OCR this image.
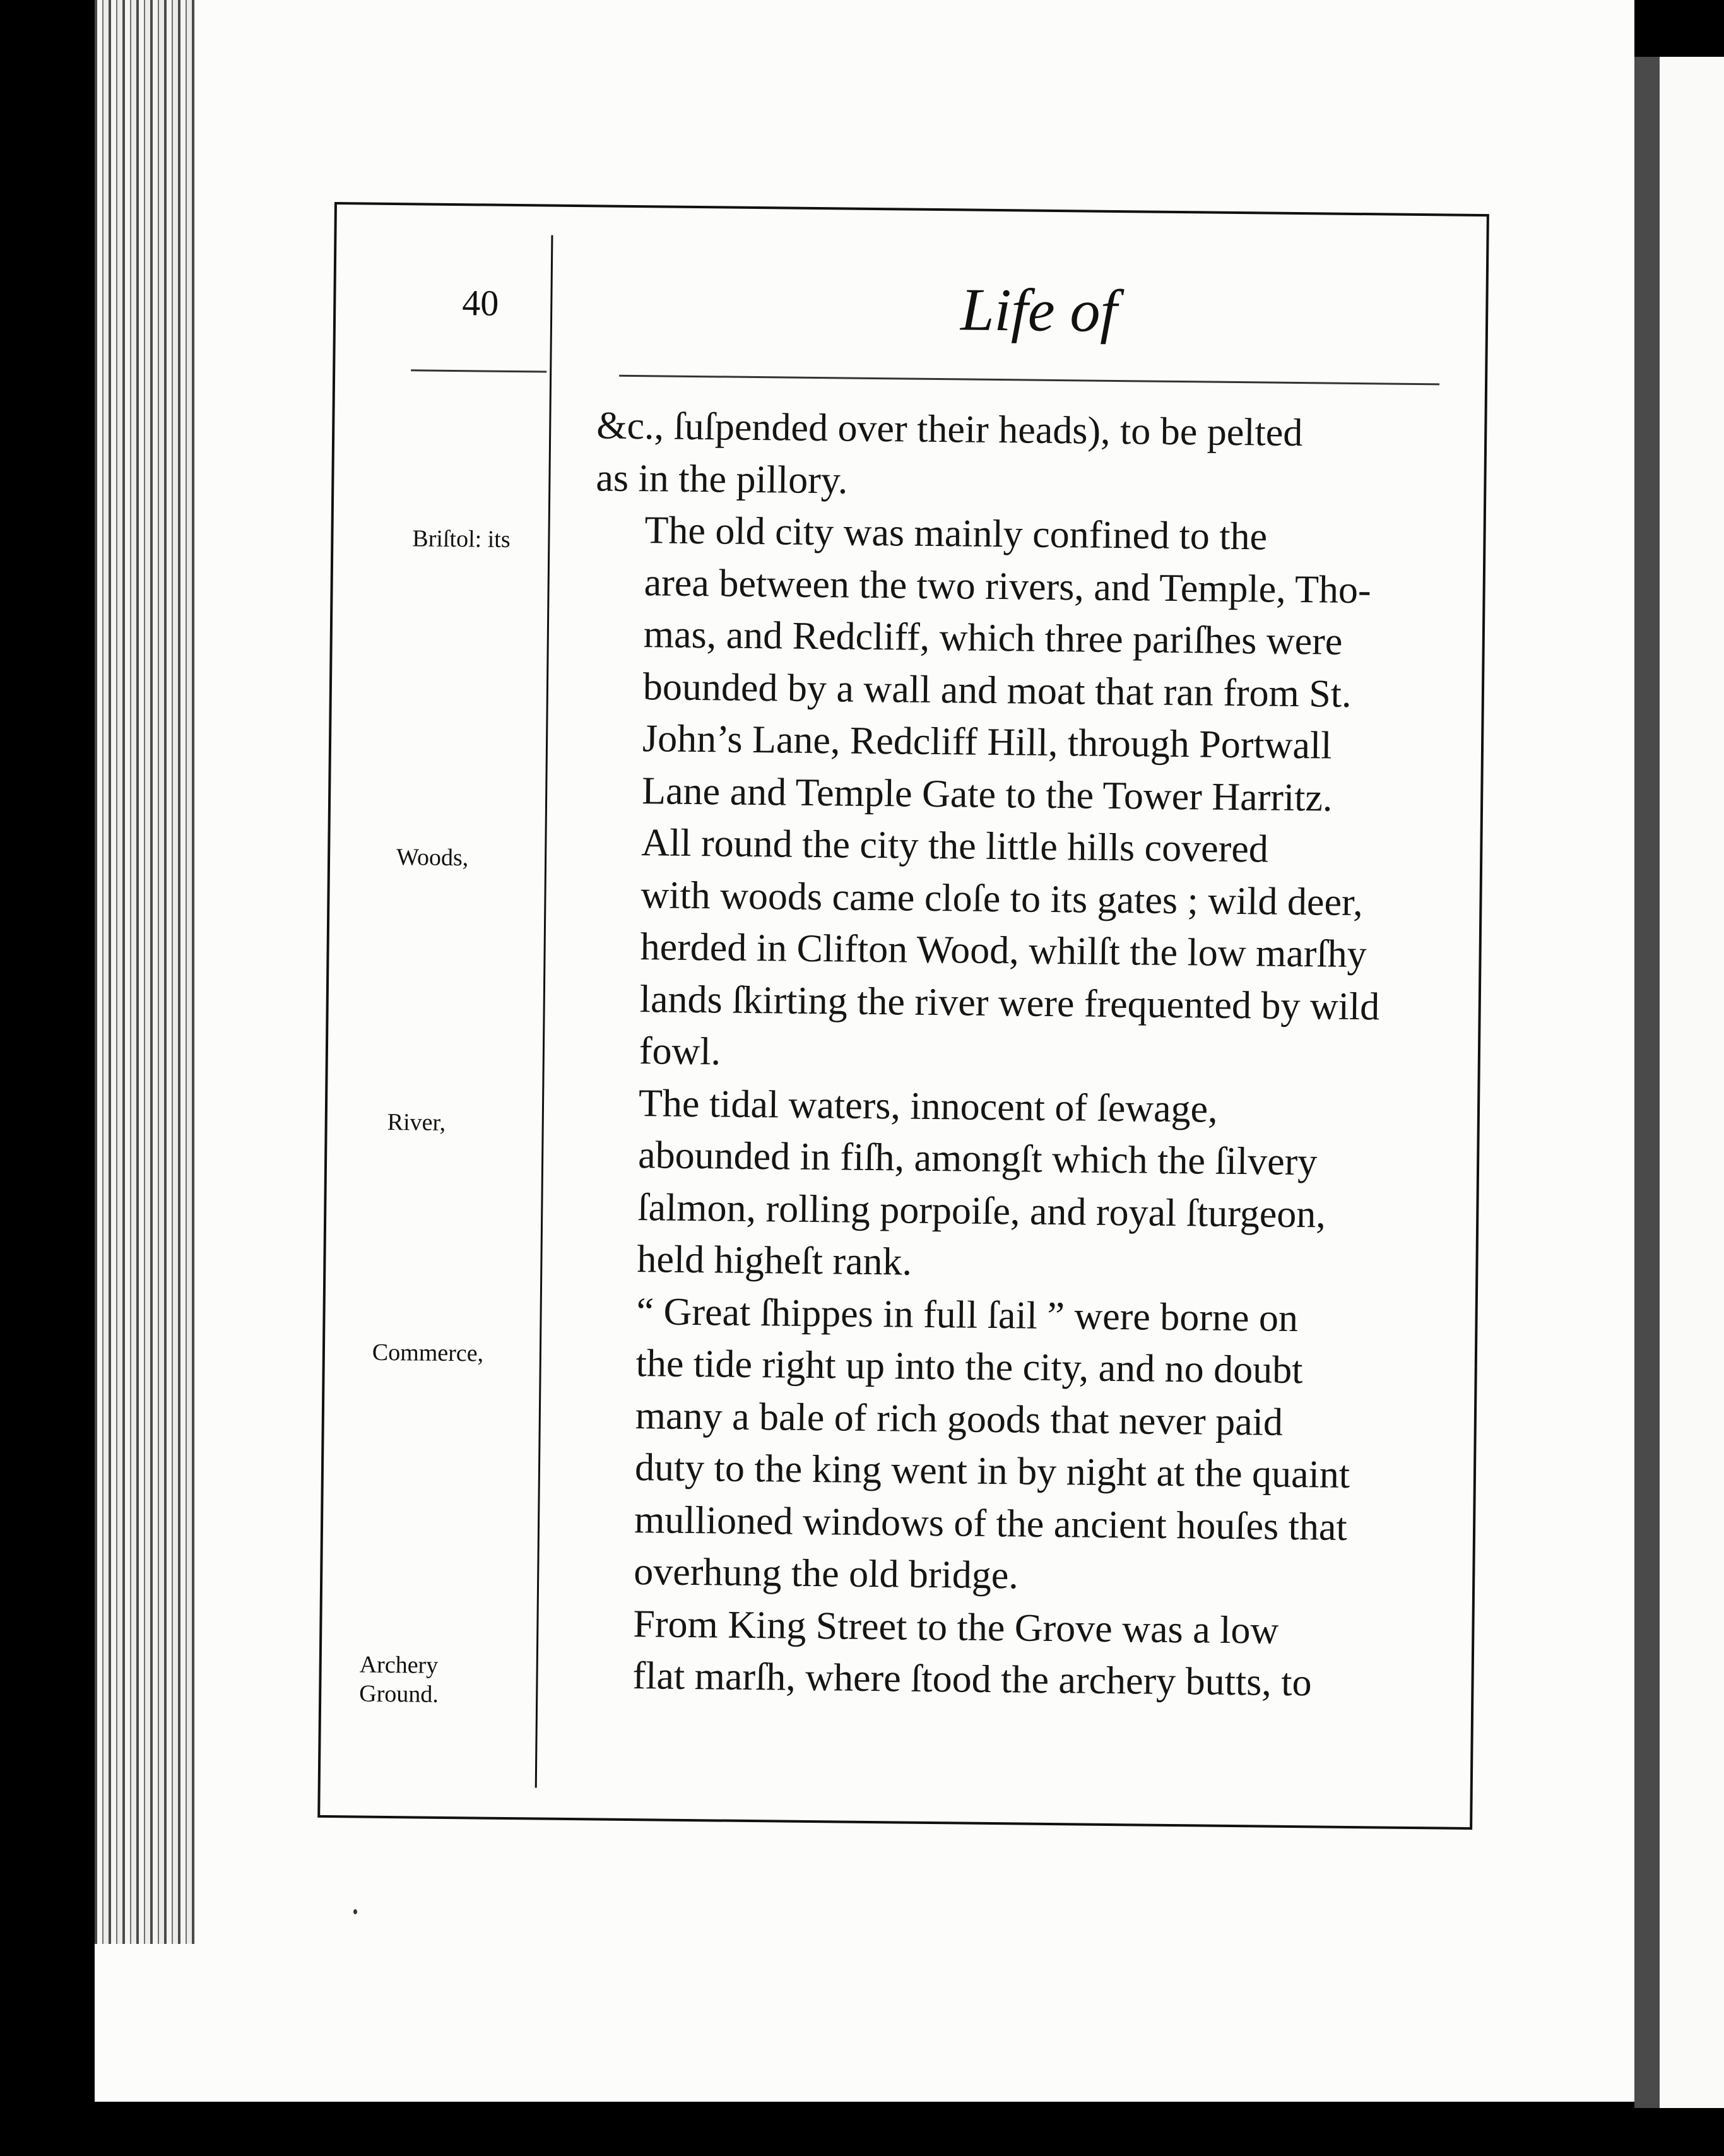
40	Life of
Briſtol: its
Woods,
River,
Commerce,
Archery
Ground.

&c., ſuſpended over their heads), to be pelted
as in the pillory.

The old city was mainly confined to the
area between the two rivers, and Temple, Tho-
mas, and Redcliff, which three pariſhes were
bounded by a wall and moat that ran from St.
John’s Lane, Redcliff Hill, through Portwall
Lane and Temple Gate to the Tower Harritz.

All round the city the little hills covered
with woods came cloſe to its gates ; wild deer,
herded in Clifton Wood, whilſt the low marſhy
lands ſkirting the river were frequented by wild
fowl.

The tidal waters, innocent of ſewage,
abounded in fiſh, amongſt which the ſilvery
ſalmon, rolling porpoiſe, and royal ſturgeon,
held higheſt rank.

“ Great ſhippes in full ſail ” were borne on
the tide right up into the city, and no doubt
many a bale of rich goods that never paid
duty to the king went in by night at the quaint
mullioned windows of the ancient houſes that
overhung the old bridge.

From King Street to the Grove was a low
flat marſh, where ſtood the archery butts, to
